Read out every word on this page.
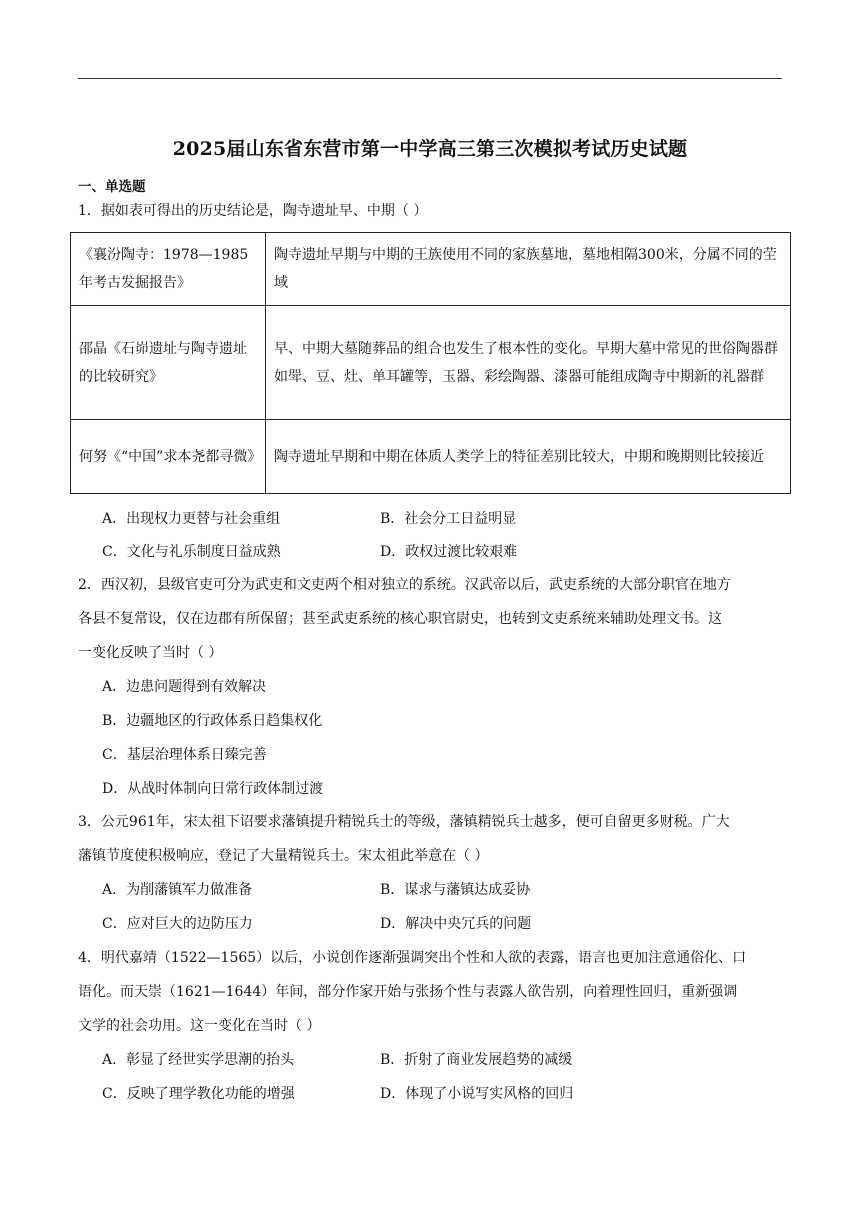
2025届山东省东营市第一中学高三第三次模拟考试历史试题
一、单选题
1．据如表可得出的历史结论是，陶寺遗址早、中期（ ）
《襄汾陶寺：1978—1985年考古发掘报告》	陶寺遗址早期与中期的王族使用不同的家族墓地，墓地相隔300米，分属不同的茔域
邵晶《石峁遗址与陶寺遗址的比较研究》	早、中期大墓随葬品的组合也发生了根本性的变化。早期大墓中常见的世俗陶器群如斝、豆、灶、单耳罐等，玉器、彩绘陶器、漆器可能组成陶寺中期新的礼器群
何努《“中国”求本尧都寻微》	陶寺遗址早期和中期在体质人类学上的特征差别比较大，中期和晚期则比较接近
A．出现权力更替与社会重组	B．社会分工日益明显
C．文化与礼乐制度日益成熟	D．政权过渡比较艰难
2．西汉初，县级官吏可分为武吏和文吏两个相对独立的系统。汉武帝以后，武吏系统的大部分职官在地方
各县不复常设，仅在边郡有所保留；甚至武吏系统的核心职官尉史，也转到文吏系统来辅助处理文书。这
一变化反映了当时（ ）
A．边患问题得到有效解决
B．边疆地区的行政体系日趋集权化
C．基层治理体系日臻完善
D．从战时体制向日常行政体制过渡
3．公元961年，宋太祖下诏要求藩镇提升精锐兵士的等级，藩镇精锐兵士越多，便可自留更多财税。广大
藩镇节度使积极响应，登记了大量精锐兵士。宋太祖此举意在（ ）
A．为削藩镇军力做准备	B．谋求与藩镇达成妥协
C．应对巨大的边防压力	D．解决中央冗兵的问题
4．明代嘉靖（1522—1565）以后，小说创作逐渐强调突出个性和人欲的表露，语言也更加注意通俗化、口
语化。而天崇（1621—1644）年间，部分作家开始与张扬个性与表露人欲告别，向着理性回归，重新强调
文学的社会功用。这一变化在当时（ ）
A．彰显了经世实学思潮的抬头	B．折射了商业发展趋势的减缓
C．反映了理学教化功能的增强	D．体现了小说写实风格的回归
